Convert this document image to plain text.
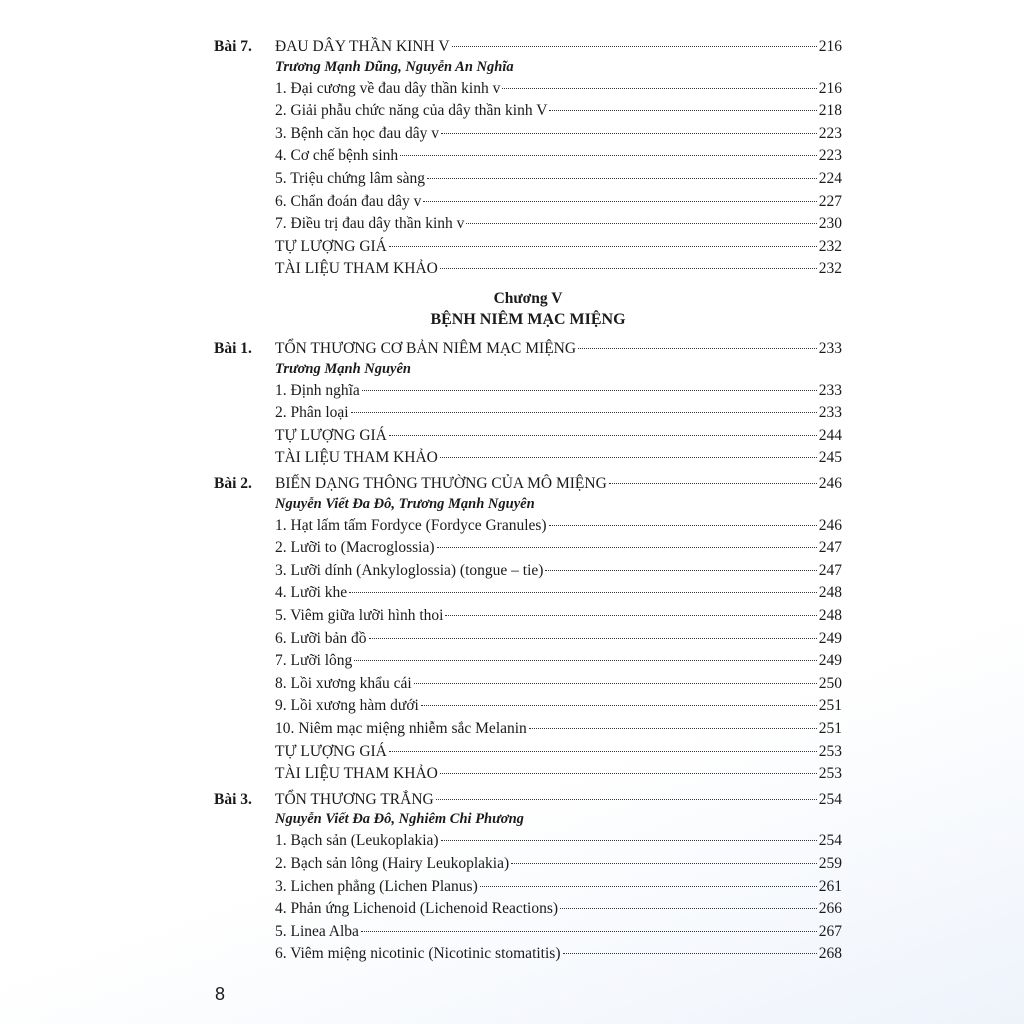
Bài 7. ĐAU DÂY THẦN KINH V	216
Trương Mạnh Dũng, Nguyễn An Nghĩa
1. Đại cương về đau dây thần kinh v	216
2. Giải phẫu chức năng của dây thần kinh V	218
3. Bệnh căn học đau dây v	223
4. Cơ chế bệnh sinh	223
5. Triệu chứng lâm sàng	224
6. Chẩn đoán đau dây v	227
7. Điều trị đau dây thần kinh v	230
TỰ LƯỢNG GIÁ	232
TÀI LIỆU THAM KHẢO	232
Chương V
BỆNH NIÊM MẠC MIỆNG
Bài 1. TỔN THƯƠNG CƠ BẢN NIÊM MẠC MIỆNG	233
Trương Mạnh Nguyên
1. Định nghĩa	233
2. Phân loại	233
TỰ LƯỢNG GIÁ	244
TÀI LIỆU THAM KHẢO	245
Bài 2. BIẾN DẠNG THÔNG THƯỜNG CỦA MÔ MIỆNG	246
Nguyễn Viết Đa Đô, Trương Mạnh Nguyên
1. Hạt lấm tấm Fordyce (Fordyce Granules)	246
2. Lưỡi to (Macroglossia)	247
3. Lưỡi dính (Ankyloglossia) (tongue – tie)	247
4. Lưỡi khe	248
5. Viêm giữa lưỡi hình thoi	248
6. Lưỡi bản đồ	249
7. Lưỡi lông	249
8. Lồi xương khẩu cái	250
9. Lồi xương hàm dưới	251
10. Niêm mạc miệng nhiễm sắc Melanin	251
TỰ LƯỢNG GIÁ	253
TÀI LIỆU THAM KHẢO	253
Bài 3. TỔN THƯƠNG TRẮNG	254
Nguyễn Viết Đa Đô, Nghiêm Chi Phương
1. Bạch sản (Leukoplakia)	254
2. Bạch sản lông (Hairy Leukoplakia)	259
3. Lichen phẳng (Lichen Planus)	261
4. Phản ứng Lichenoid (Lichenoid Reactions)	266
5. Linea Alba	267
6. Viêm miệng nicotinic (Nicotinic stomatitis)	268
8
